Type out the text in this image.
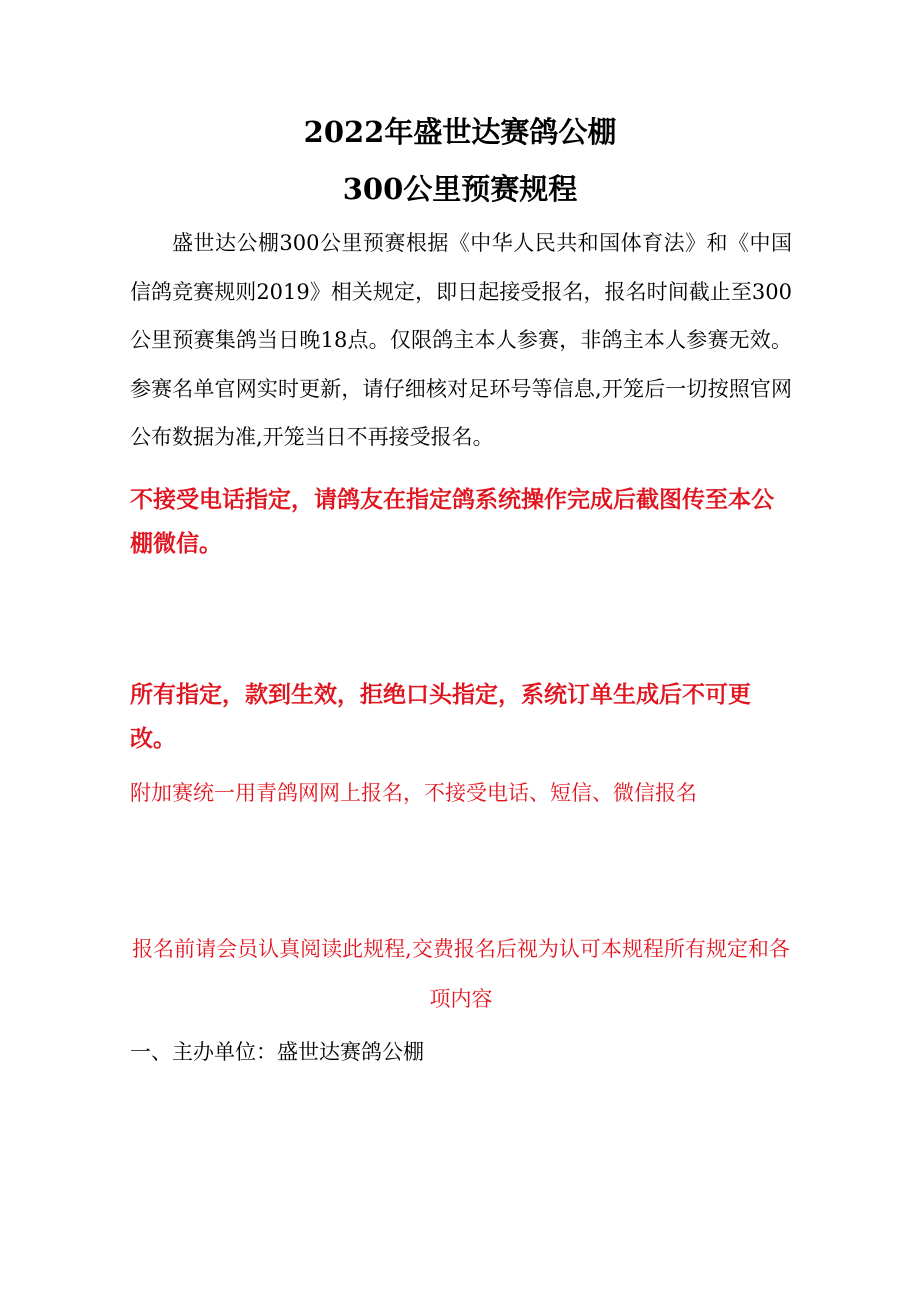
2022年盛世达赛鸽公棚
300公里预赛规程

盛世达公棚300公里预赛根据《中华人民共和国体育法》和《中国信鸽竞赛规则2019》相关规定，即日起接受报名，报名时间截止至300公里预赛集鸽当日晚18点。仅限鸽主本人参赛，非鸽主本人参赛无效。参赛名单官网实时更新，请仔细核对足环号等信息,开笼后一切按照官网公布数据为准,开笼当日不再接受报名。

不接受电话指定，请鸽友在指定鸽系统操作完成后截图传至本公棚微信。

所有指定，款到生效，拒绝口头指定，系统订单生成后不可更改。

附加赛统一用青鸽网网上报名，不接受电话、短信、微信报名

报名前请会员认真阅读此规程,交费报名后视为认可本规程所有规定和各项内容

一、主办单位：盛世达赛鸽公棚
